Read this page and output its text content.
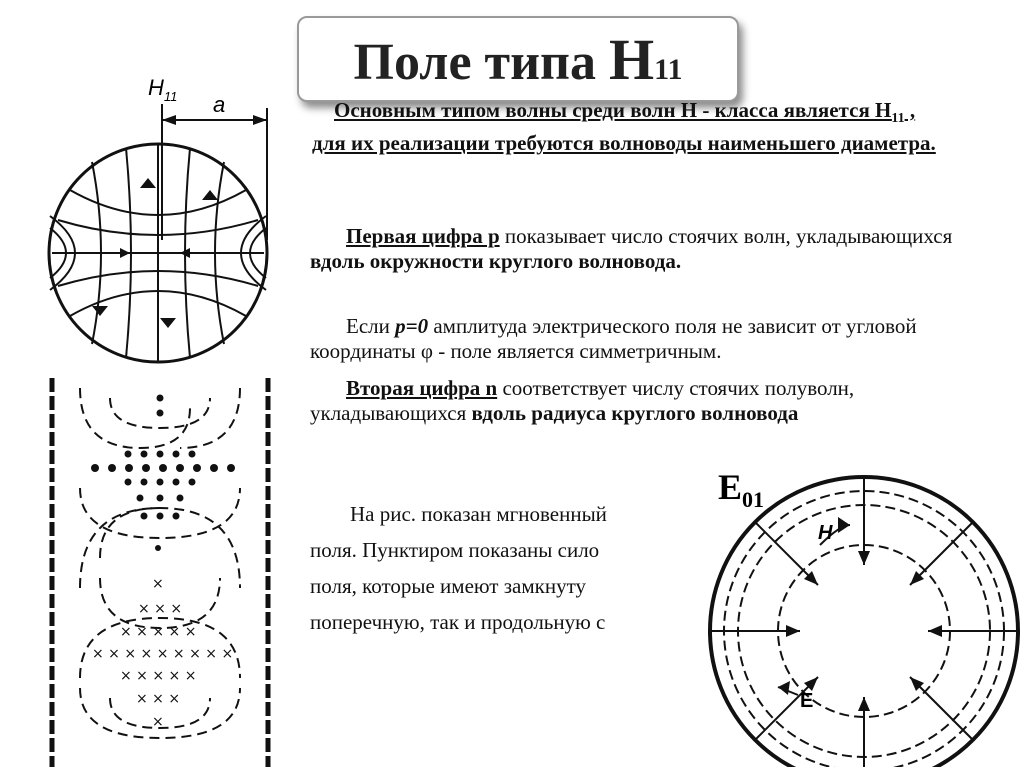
Поле типа H11
Основным типом волны среди волн Н - класса является $Н_{11}$ , для их реализации требуются волноводы наименьшего диаметра.
Первая цифра р показывает число стоячих волн, укладывающихся вдоль окружности круглого волновода.
Если р=0 амплитуда электрического поля не зависит от угловой координаты φ - поле является симметричным.
Вторая цифра n соответствует числу стоячих полуволн, укладывающихся вдоль радиуса круглого волновода
На рис. показан мгновенный
поля. Пунктиром показаны сило
поля, которые имеют замкнуту
поперечную, так и продольную с
$H_{11}$ a
×
× × ×
× × × × ×
× × × × × × × × ×
× × × × ×
× × ×
×
$E_{01}$
H
E
